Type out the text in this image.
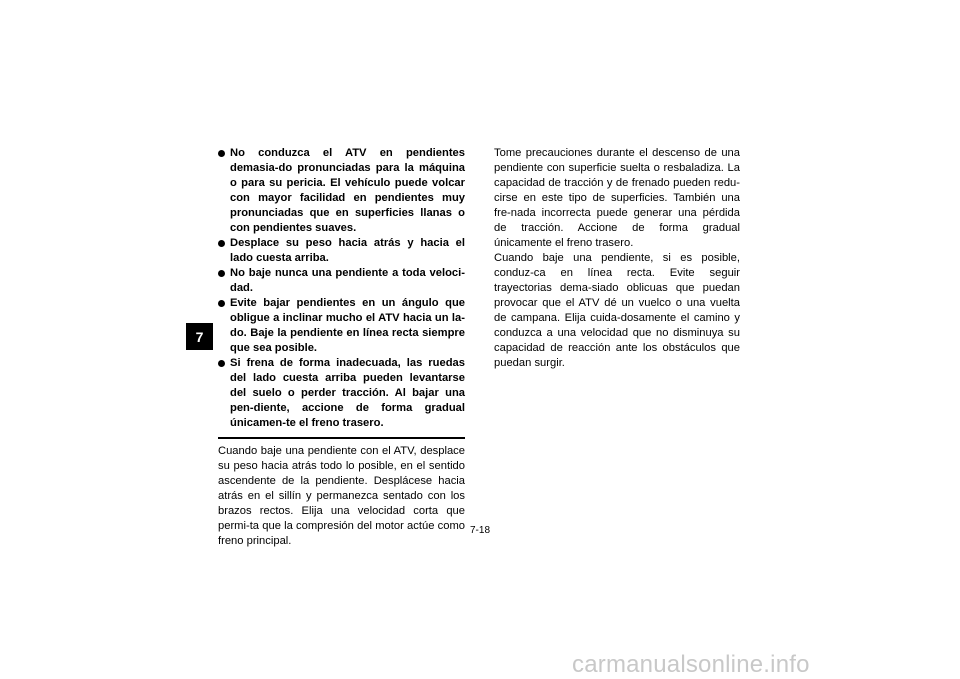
7
No conduzca el ATV en pendientes demasia-do pronunciadas para la máquina o para su pericia. El vehículo puede volcar con mayor facilidad en pendientes muy pronunciadas que en superficies llanas o con pendientes suaves.
Desplace su peso hacia atrás y hacia el lado cuesta arriba.
No baje nunca una pendiente a toda veloci-dad.
Evite bajar pendientes en un ángulo que obligue a inclinar mucho el ATV hacia un la-do. Baje la pendiente en línea recta siempre que sea posible.
Si frena de forma inadecuada, las ruedas del lado cuesta arriba pueden levantarse del suelo o perder tracción. Al bajar una pen-diente, accione de forma gradual únicamen-te el freno trasero.

Cuando baje una pendiente con el ATV, desplace su peso hacia atrás todo lo posible, en el sentido ascendente de la pendiente. Desplácese hacia atrás en el sillín y permanezca sentado con los brazos rectos. Elija una velocidad corta que permi-ta que la compresión del motor actúe como freno principal.

Tome precauciones durante el descenso de una pendiente con superficie suelta o resbaladiza. La capacidad de tracción y de frenado pueden redu-cirse en este tipo de superficies. También una fre-nada incorrecta puede generar una pérdida de tracción. Accione de forma gradual únicamente el freno trasero.

Cuando baje una pendiente, si es posible, conduz-ca en línea recta. Evite seguir trayectorias dema-siado oblicuas que puedan provocar que el ATV dé un vuelco o una vuelta de campana. Elija cuida-dosamente el camino y conduzca a una velocidad que no disminuya su capacidad de reacción ante los obstáculos que puedan surgir.

7-18
carmanualsonline.info
